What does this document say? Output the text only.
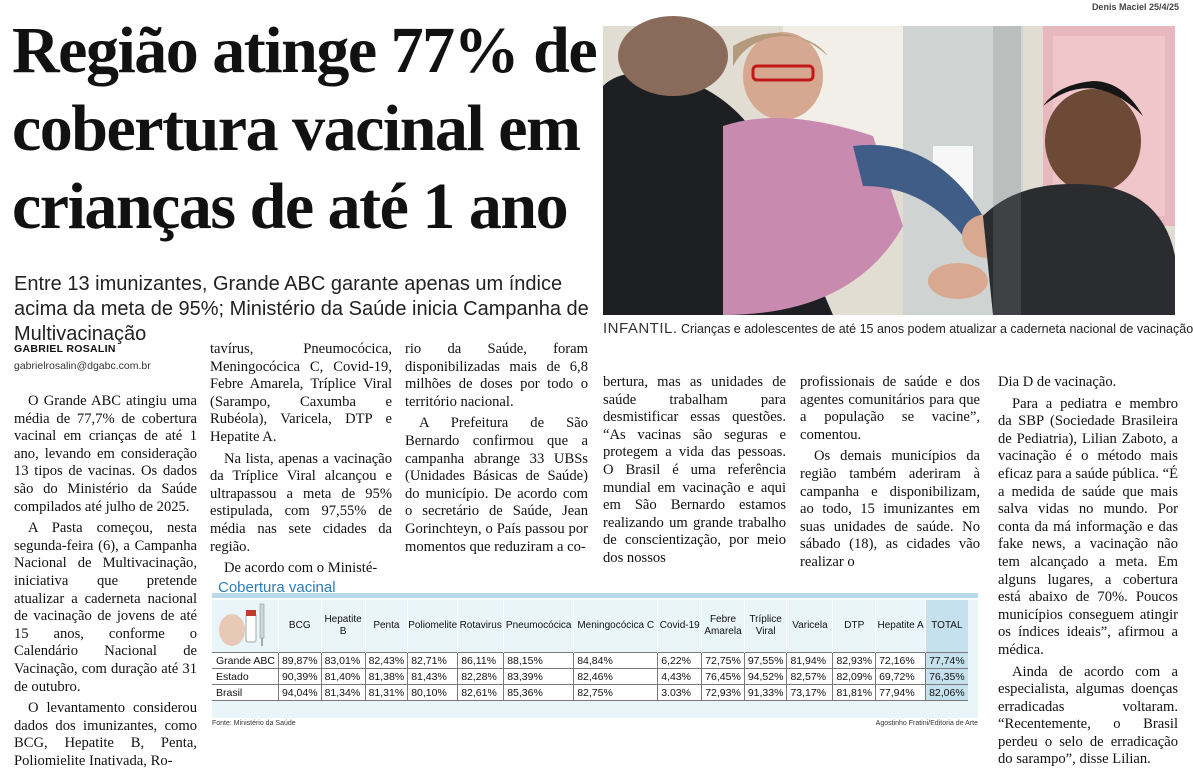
Região atinge 77% de cobertura vacinal em crianças de até 1 ano
Entre 13 imunizantes, Grande ABC garante apenas um índice acima da meta de 95%; Ministério da Saúde inicia Campanha de Multivacinação
Denis Maciel 25/4/25
INFANTIL. Crianças e adolescentes de até 15 anos podem atualizar a caderneta nacional de vacinação
GABRIEL ROSALIN
gabrielrosalin@dgabc.com.br

O Grande ABC atingiu uma média de 77,7% de cobertura vacinal em crianças de até 1 ano, levando em consideração 13 tipos de vacinas. Os dados são do Ministério da Saúde compilados até julho de 2025.

A Pasta começou, nesta segunda-feira (6), a Campanha Nacional de Multivacinação, iniciativa que pretende atualizar a caderneta nacional de vacinação de jovens de até 15 anos, conforme o Calendário Nacional de Vacinação, com duração até 31 de outubro.

O levantamento considerou dados dos imunizantes, como BCG, Hepatite B, Penta, Poliomielite Inativada, Ro-

tavírus, Pneumocócica, Meningocócica C, Covid-19, Febre Amarela, Tríplice Viral (Sarampo, Caxumba e Rubéola), Varicela, DTP e Hepatite A.

Na lista, apenas a vacinação da Tríplice Viral alcançou e ultrapassou a meta de 95% estipulada, com 97,55% de média nas sete cidades da região.

De acordo com o Ministé-

rio da Saúde, foram disponibilizadas mais de 6,8 milhões de doses por todo o território nacional.

A Prefeitura de São Bernardo confirmou que a campanha abrange 33 UBSs (Unidades Básicas de Saúde) do município. De acordo com o secretário de Saúde, Jean Gorinchteyn, o País passou por momentos que reduziram a co-

bertura, mas as unidades de saúde trabalham para desmistificar essas questões. “As vacinas são seguras e protegem a vida das pessoas. O Brasil é uma referência mundial em vacinação e aqui em São Bernardo estamos realizando um grande trabalho de conscientização, por meio dos nossos

profissionais de saúde e dos agentes comunitários para que a população se vacine”, comentou.

Os demais municípios da região também aderiram à campanha e disponibilizam, ao todo, 15 imunizantes em suas unidades de saúde. No sábado (18), as cidades vão realizar o

Dia D de vacinação.

Para a pediatra e membro da SBP (Sociedade Brasileira de Pediatria), Lilian Zaboto, a vacinação é o método mais eficaz para a saúde pública. “É a medida de saúde que mais salva vidas no mundo. Por conta da má informação e das fake news, a vacinação não tem alcançado a meta. Em alguns lugares, a cobertura está abaixo de 70%. Poucos municípios conseguem atingir os índices ideais”, afirmou a médica.

Ainda de acordo com a especialista, algumas doenças erradicadas voltaram. “Recentemente, o Brasil perdeu o selo de erradicação do sarampo”, disse Lilian.

Cobertura vacinal
	BCG	Hepatite B	Penta	Poliomelite	Rotavirus	Pneumocócica	Meningocócica C	Covid-19	Febre Amarela	Tríplice Viral	Varicela	DTP	Hepatite A	TOTAL
Grande ABC	89,87%	83,01%	82,43%	82,71%	86,11%	88,15%	84,84%	6,22%	72,75%	97,55%	81,94%	82,93%	72,16%	77,74%
Estado	90,39%	81,40%	81,38%	81,43%	82,28%	83,39%	82,46%	4,43%	76,45%	94,52%	82,57%	82,09%	69,72%	76,35%
Brasil	94,04%	81,34%	81,31%	80,10%	82,61%	85,36%	82,75%	3.03%	72,93%	91,33%	73,17%	81,81%	77,94%	82,06%
Fonte: Ministério da Saúde	Agostinho Fratini/Editoria de Arte
